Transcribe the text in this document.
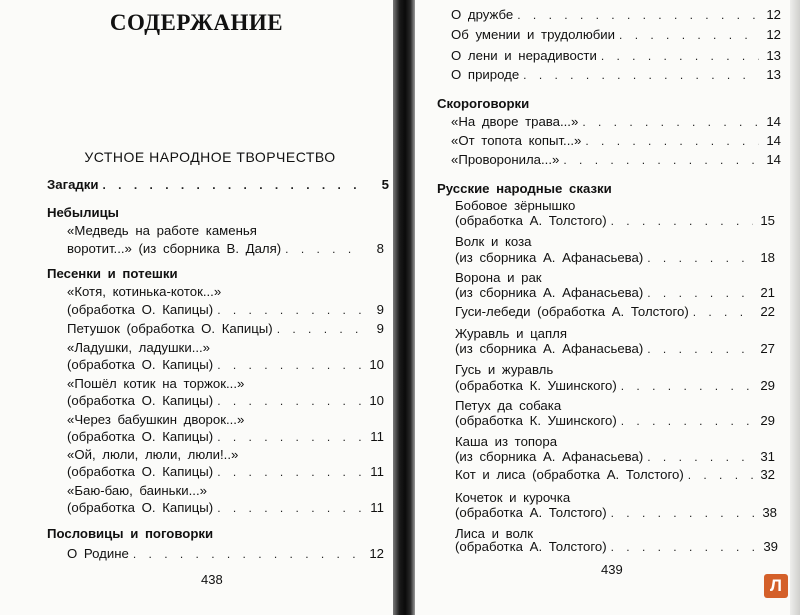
СОДЕРЖАНИЕ
УСТНОЕ НАРОДНОЕ ТВОРЧЕСТВО
Загадки . . .	5
Небылицы
«Медведь на работе каменья
воротит...» (из сборника В. Даля) . . .	8
Песенки и потешки
«Котя, котинька-коток...»
(обработка О. Капицы) . . .	9
Петушок (обработка О. Капицы) . . .	9
«Ладушки, ладушки...»
(обработка О. Капицы) . . .	10
«Пошёл котик на торжок...»
(обработка О. Капицы) . . .	10
«Через бабушкин дворок...»
(обработка О. Капицы) . . .	11
«Ой, люли, люли, люли!..»
(обработка О. Капицы) . . .	11
«Баю-баю, баиньки...»
(обработка О. Капицы) . . .	11
Пословицы и поговорки
О Родине . . .	12
438
О дружбе . . .	12
Об умении и трудолюбии . . .	12
О лени и нерадивости . . .	13
О природе . . .	13
Скороговорки
«На дворе трава...» . . .	14
«От топота копыт...» . . .	14
«Проворонила...» . . .	14
Русские народные сказки
Бобовое зёрнышко
(обработка А. Толстого) . . .	15
Волк и коза
(из сборника А. Афанасьева) . . .	18
Ворона и рак
(из сборника А. Афанасьева) . . .	21
Гуси-лебеди (обработка А. Толстого) . . .	22
Журавль и цапля
(из сборника А. Афанасьева) . . .	27
Гусь и журавль
(обработка К. Ушинского) . . .	29
Петух да собака
(обработка К. Ушинского) . . .	29
Каша из топора
(из сборника А. Афанасьева) . . .	31
Кот и лиса (обработка А. Толстого) . . .	32
Кочеток и курочка
(обработка А. Толстого) . . .	38
Лиса и волк
(обработка А. Толстого) . . .	39
439
Л
